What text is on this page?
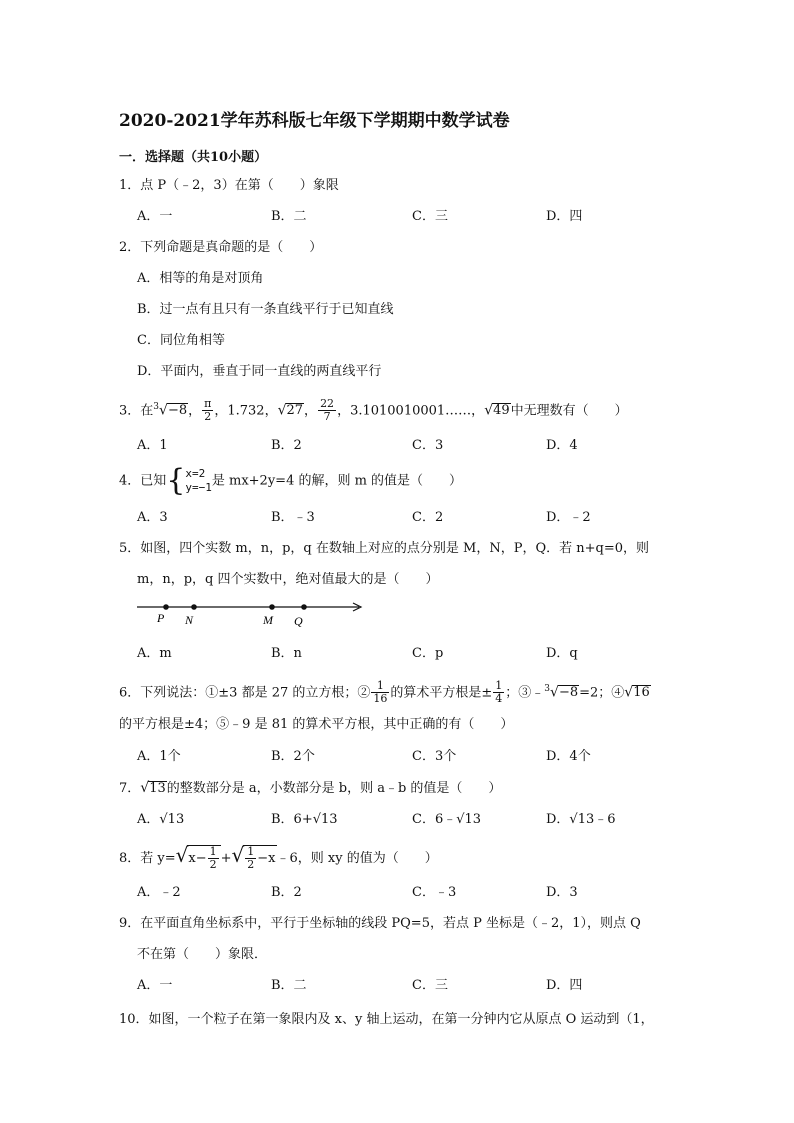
2020-2021学年苏科版七年级下学期期中数学试卷
一．选择题（共10小题）
1．点 P（﹣2，3）在第（　　）象限
A．一	B．二	C．三	D．四
2．下列命题是真命题的是（　　）
A．相等的角是对顶角
B．过一点有且只有一条直线平行于已知直线
C．同位角相等
D．平面内，垂直于同一直线的两直线平行
3．在$^3$√−8， $\frac{\pi}{2}$ ，1.732，√27， $\frac{22}{7}$ ，3.1010010001……，√49中无理数有（　　）
A．1	B．2	C．3	D．4
4．已知{ x=2
y=−1 是 mx+2y=4 的解，则 m 的值是（　　）
A．3	B．﹣3	C．2	D．﹣2
5．如图，四个实数 m，n，p，q 在数轴上对应的点分别是 M，N，P，Q．若 n+q=0，则
m，n，p，q 四个实数中，绝对值最大的是（　　）
P N	M Q
A．m	B．n	C．p	D．q
6．下列说法：①±3 都是 27 的立方根；② $\frac{1}{16}$ 的算术平方根是± $\frac{1}{4}$ ；③﹣$^3$√−8=2；④√16
的平方根是±4；⑤﹣9 是 81 的算术平方根，其中正确的有（　　）
A．1个	B．2个	C．3个	D．4个
7．√13的整数部分是 a，小数部分是 b，则 a﹣b 的值是（　　）
A．√13	B．6+√13	C．6﹣√13	D．√13﹣6
8．若 $y=√x- \frac{1}{2}$ +√ $\frac{1}{2}$ −x﹣6，则 xy 的值为（　　）
A．﹣2	B．2	C．﹣3	D．3
9．在平面直角坐标系中，平行于坐标轴的线段 PQ=5，若点 P 坐标是（﹣2，1），则点 Q
不在第（　　）象限．
A．一	B．二	C．三	D．四
10．如图，一个粒子在第一象限内及 x、y 轴上运动，在第一分钟内它从原点 O 运动到（1，
